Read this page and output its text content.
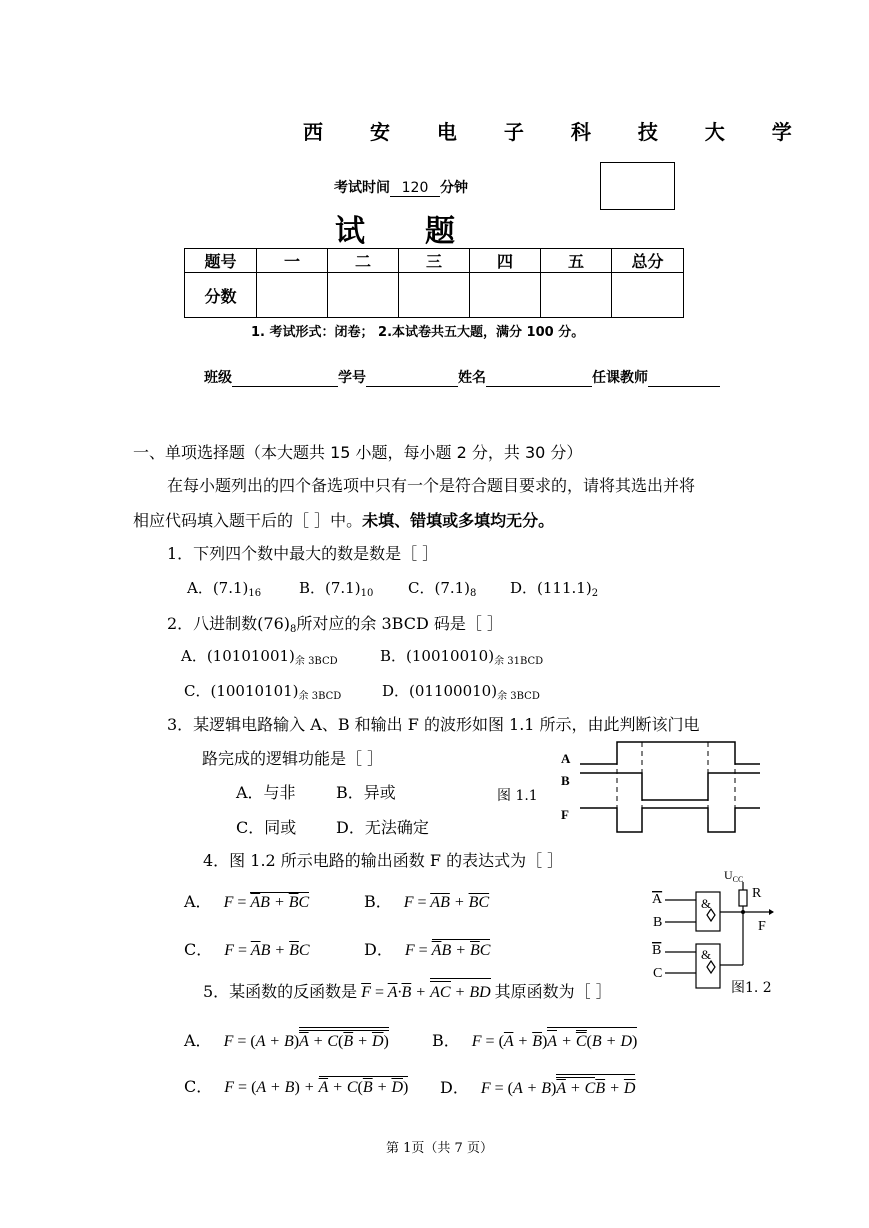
西 安 电 子 科 技 大 学
考试时间 120 分钟
试　　题
题号	一	二	三	四	五	总分
分数						
1. 考试形式：闭卷； 2.本试卷共五大题，满分 100 分。
班级	学号	姓名	任课教师
一、单项选择题（本大题共 15 小题，每小题 2 分，共 30 分）
在每小题列出的四个备选项中只有一个是符合题目要求的，请将其选出并将
相应代码填入题干后的［ ］中。未填、错填或多填均无分。
1．下列四个数中最大的数是数是［ ］
A．$(7.1)_{16}$	B．$(7.1)_{10}$ C．$(7.1)_8$ D．$(111.1)_2$
2．八进制数$(76)_8$所对应的余 3BCD 码是［ ］
A．$(10101001)_{余 3BCD}$	B．$(10010010)_{余 31BCD}$
C．$(10010101)_{余 3BCD}$	D．$(01100010)_{余 3BCD}$
3．某逻辑电路输入 A、B 和输出 F 的波形如图 1.1 所示，由此判断该门电
路完成的逻辑功能是［ ］
A．与非	B．异或
C．同或 D．无法确定
图 1.1
A
B
F
4．图 1.2 所示电路的输出函数 F 的表达式为［ ］
A． $F = \overline{A}B + \overline{B}C$	B． F = AB + BC
C． $F = \overline{A}B + \overline{B}C$	D． $F = \overline{A}B + \overline{B}C$
$U_{CC}$
R
F
A
B
B
C
&
&
图1. 2
5．某函数的反函数是 $\overline{F} = \overline{A}\cdot\overline{B}$ + AC + BD 其原函数为［ ］
A． $F = (A + B)\overline{A} + C(\overline{B} + \overline{D})$	B． $F = (\overline{A} + \overline{B})A + \overline{C}(B + D)$
C． $F = (A + B) + \overline{A} + C(\overline{B} + \overline{D})$ D． $F = (A + B)\overline{A} + C\overline{B} + \overline{D}$
第 1页（共 7 页）
